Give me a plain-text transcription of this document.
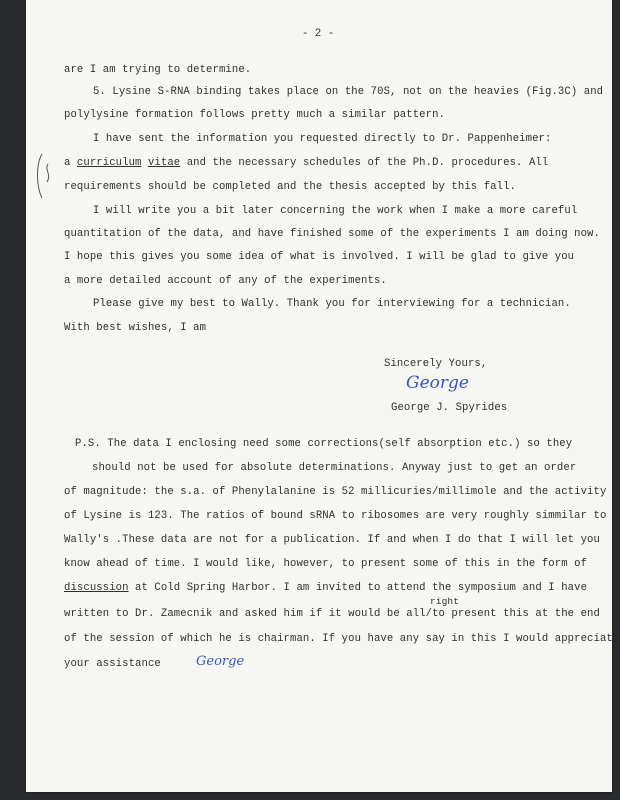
- 2 -
are I am trying to determine.
5. Lysine S-RNA binding takes place on the 70S, not on the heavies (Fig.3C) and
polylysine formation follows pretty much a similar pattern.
I have sent the information you requested directly to Dr. Pappenheimer:
a curriculum vitae and the necessary schedules of the Ph.D. procedures. All
requirements should be completed and the thesis accepted by this fall.
I will write you a bit later concerning the work when I make a more careful
quantitation of the data, and have finished some of the experiments I am doing now.
I hope this gives you some idea of what is involved. I will be glad to give you
a more detailed account of any of the experiments.
Please give my best to Wally. Thank you for interviewing for a technician.
With best wishes, I am
Sincerely Yours,
George
George J. Spyrides
P.S. The data I enclosing need some corrections(self absorption etc.) so they
should not be used for absolute determinations. Anyway just to get an order
of magnitude: the s.a. of Phenylalanine is 52 millicuries/millimole and the activity
of Lysine is 123. The ratios of bound sRNA to ribosomes are very roughly simmilar to
Wally's .These data are not for a publication. If and when I do that I will let you
know ahead of time. I would like, however, to present some of this in the form of
discussion at Cold Spring Harbor. I am invited to attend the symposium and I have
right
written to Dr. Zamecnik and asked him if it would be all/to present this at the end
of the session of which he is chairman. If you have any say in this I would appreciate
your assistance	George
